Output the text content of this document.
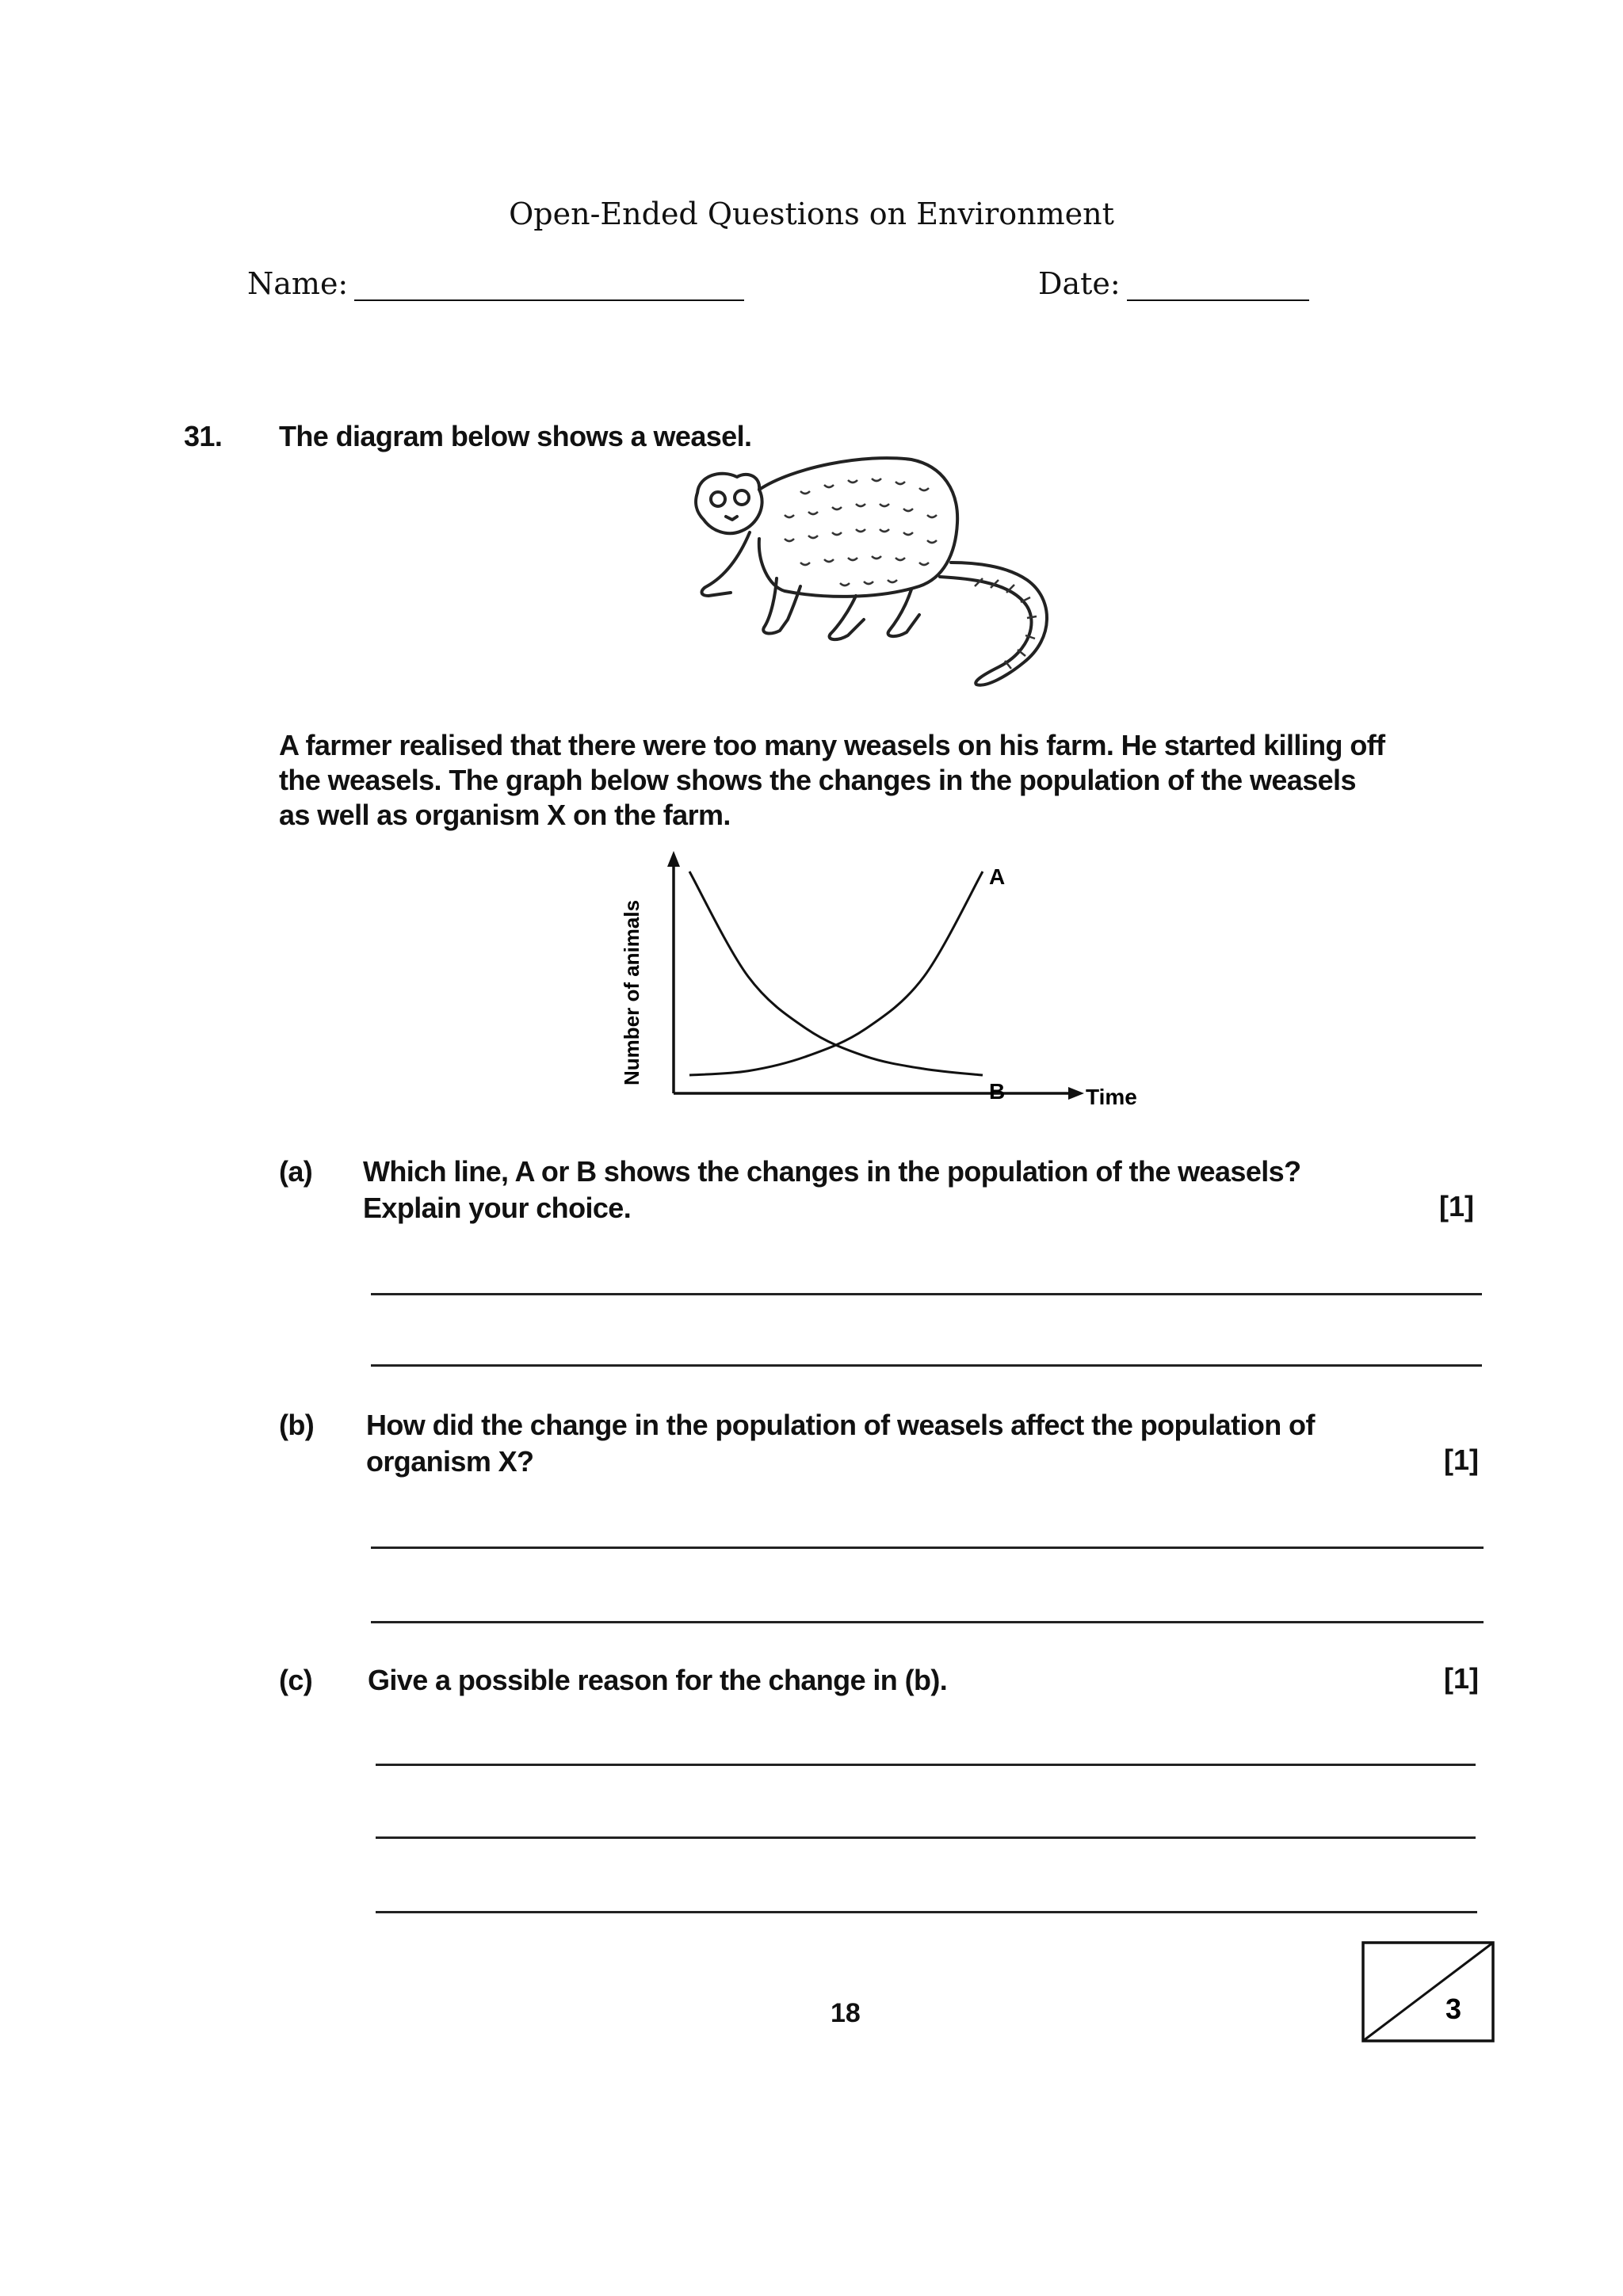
Open-Ended Questions on Environment
Name:	Date:
31. The diagram below shows a weasel.
A farmer realised that there were too many weasels on his farm. He started killing off
the weasels. The graph below shows the changes in the population of the weasels
as well as organism X on the farm.
Number of animals
Time
A
B
(a) Which line, A or B shows the changes in the population of the weasels?
Explain your choice.	[1]
(b) How did the change in the population of weasels affect the population of
organism X?	[1]
(c) Give a possible reason for the change in (b).	[1]
18	3
